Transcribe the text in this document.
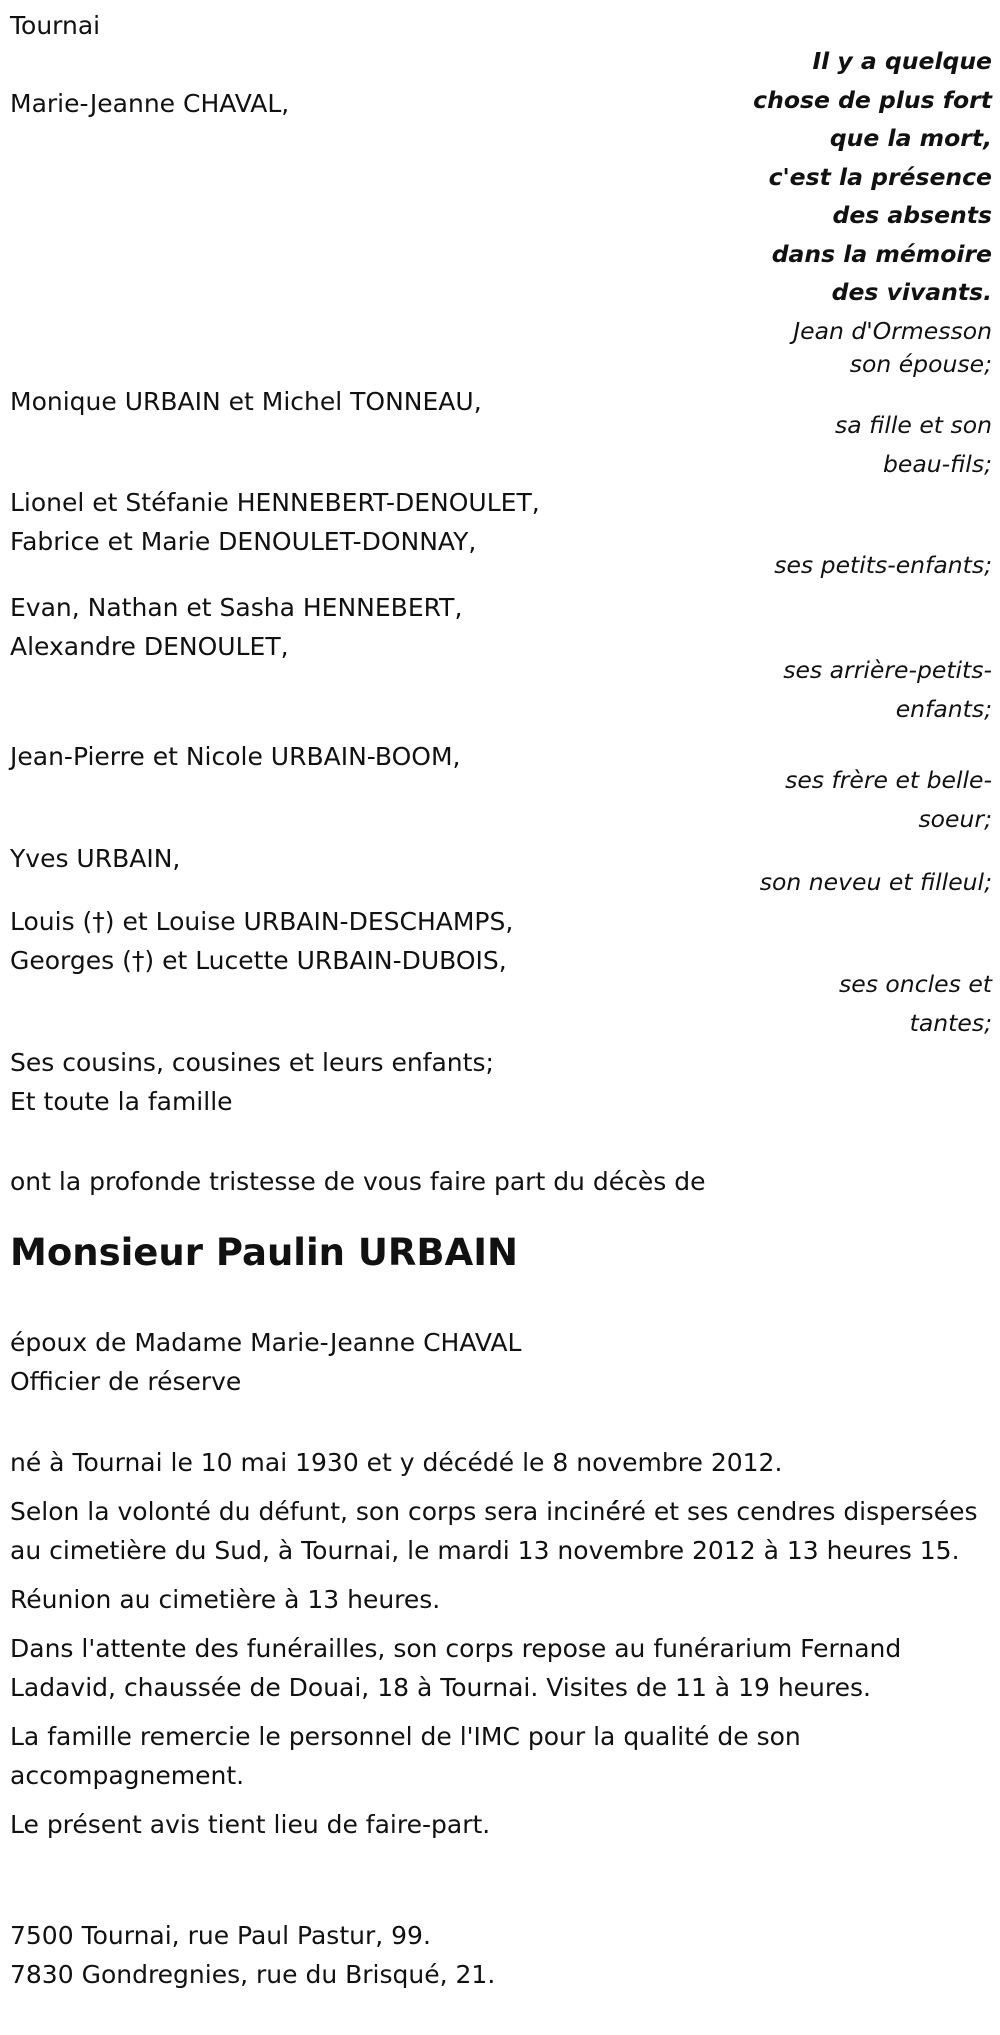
Tournai

Il y a quelque
chose de plus fort
que la mort,
c'est la présence
des absents
dans la mémoire
des vivants.
Jean d'Ormesson
Marie-Jeanne CHAVAL,
son épouse;
Monique URBAIN et Michel TONNEAU,
sa fille et son
beau-fils;
Lionel et Stéfanie HENNEBERT-DENOULET,
Fabrice et Marie DENOULET-DONNAY,
ses petits-enfants;
Evan, Nathan et Sasha HENNEBERT,
Alexandre DENOULET,
ses arrière-petits-
enfants;
Jean-Pierre et Nicole URBAIN-BOOM,
ses frère et belle-
soeur;
Yves URBAIN,
son neveu et filleul;
Louis (†) et Louise URBAIN-DESCHAMPS,
Georges (†) et Lucette URBAIN-DUBOIS,
ses oncles et
tantes;
Ses cousins, cousines et leurs enfants;
Et toute la famille
ont la profonde tristesse de vous faire part du décès de
Monsieur Paulin URBAIN
époux de Madame Marie-Jeanne CHAVAL
Officier de réserve

né à Tournai le 10 mai 1930 et y décédé le 8 novembre 2012.

Selon la volonté du défunt, son corps sera inciné́ré et ses cendres dispersées au cimetière du Sud, à Tournai, le mardi 13 novembre 2012 à 13 heures 15.

Réunion au cimetière à 13 heures.

Dans l'attente des funérailles, son corps repose au funérarium Fernand Ladavid, chaussée de Douai, 18 à Tournai. Visites de 11 à 19 heures.

La famille remercie le personnel de l'IMC pour la qualité de son accompagnement.

Le présent avis tient lieu de faire-part.

7500 Tournai, rue Paul Pastur, 99.
7830 Gondregnies, rue du Brisqué, 21.
